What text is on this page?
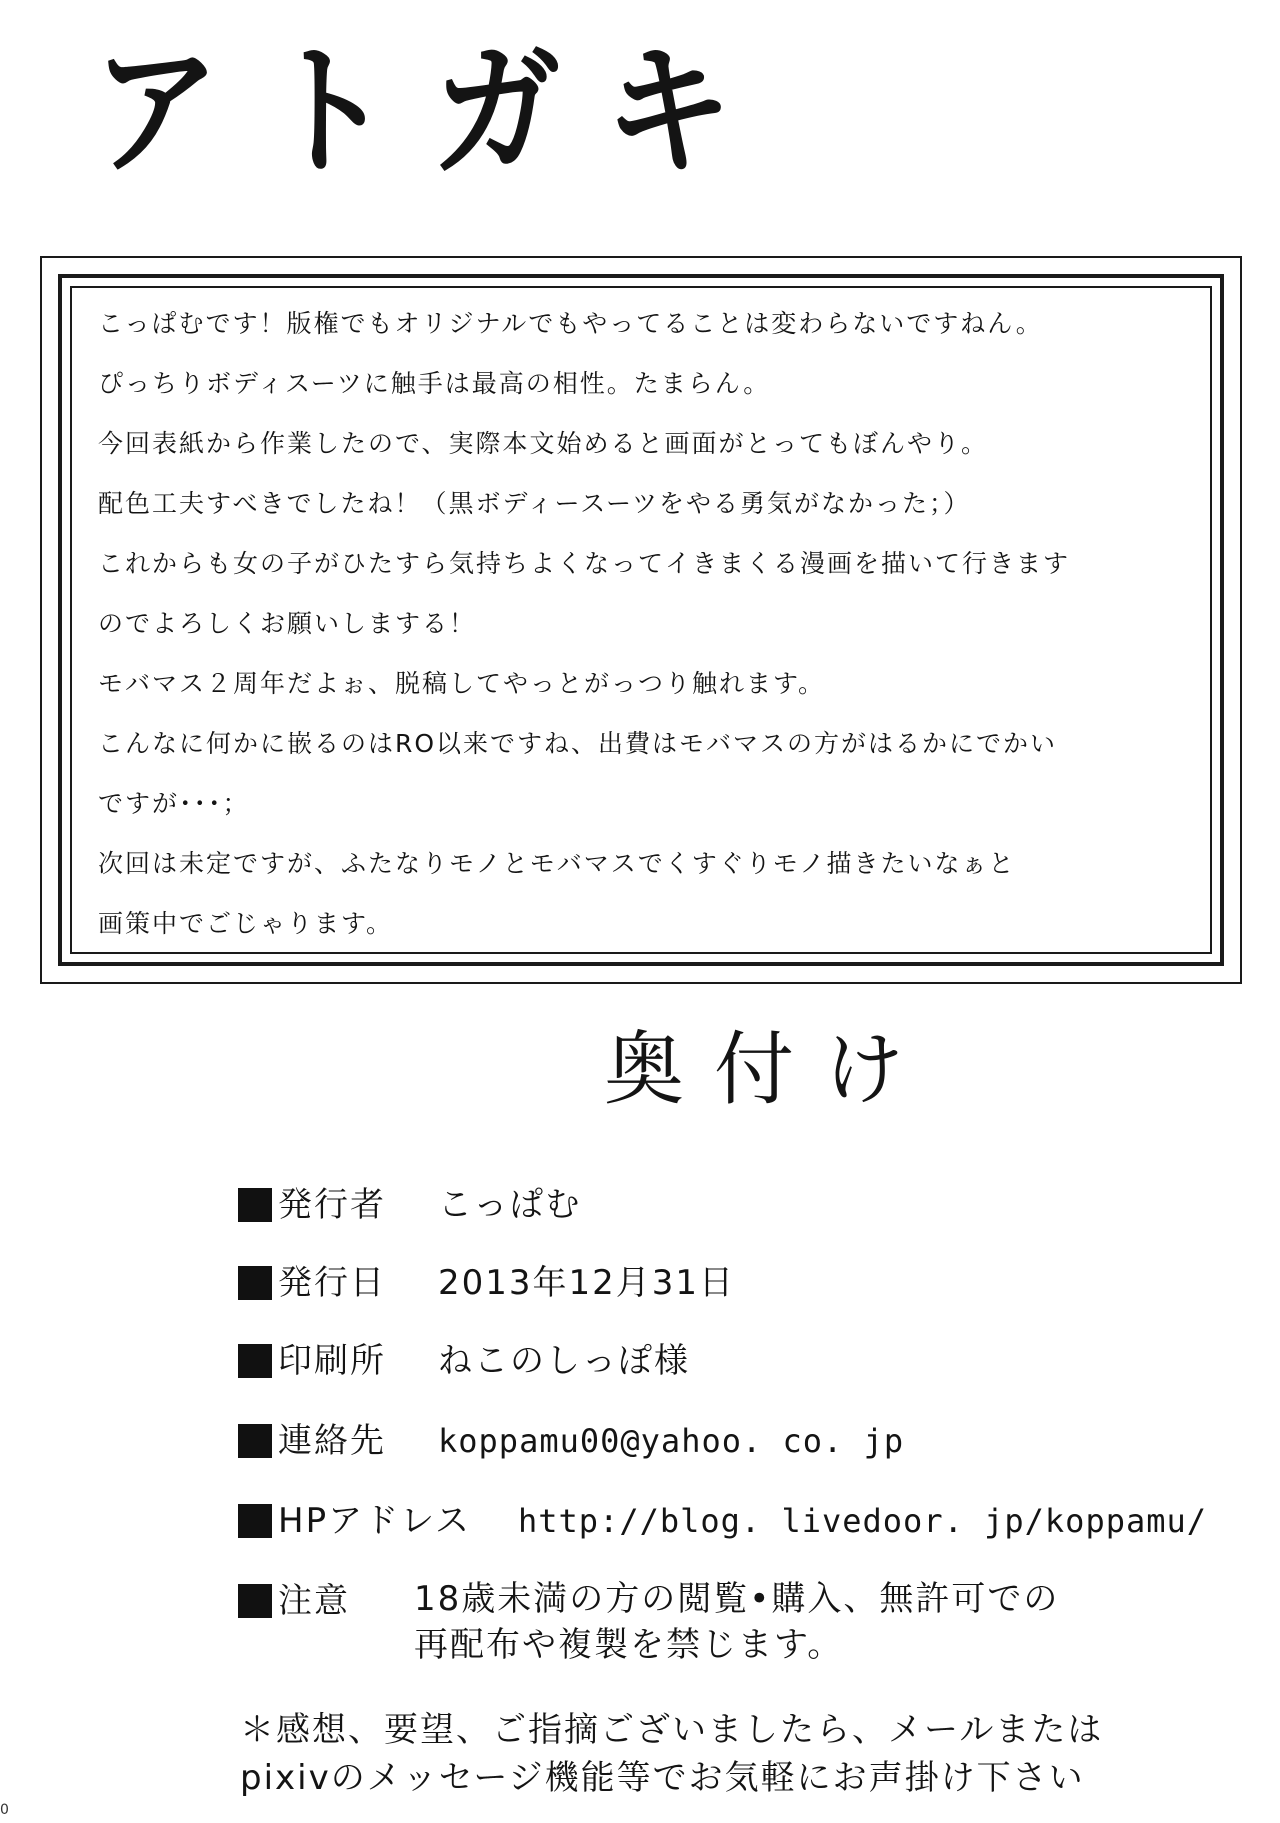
アトガキ
こっぱむです！版権でもオリジナルでもやってることは変わらないですねん。
ぴっちりボディスーツに触手は最高の相性。たまらん。
今回表紙から作業したので、実際本文始めると画面がとってもぼんやり。
配色工夫すべきでしたね！（黒ボディースーツをやる勇気がなかった；）
これからも女の子がひたすら気持ちよくなってイきまくる漫画を描いて行きます
のでよろしくお願いしまする！
モバマス２周年だよぉ、脱稿してやっとがっつり触れます。
こんなに何かに嵌るのはRO以来ですね、出費はモバマスの方がはるかにでかい
ですが･･･；
次回は未定ですが、ふたなりモノとモバマスでくすぐりモノ描きたいなぁと
画策中でごじゃります。
奥付け
発行者 こっぱむ
発行日 2013年12月31日
印刷所 ねこのしっぽ様
連絡先 koppamu00@yahoo. co. jp
HPアドレス http://blog. livedoor. jp/koppamu/
注意 18歳未満の方の閲覧•購入、無許可での
再配布や複製を禁じます。
＊感想、要望、ご指摘ございましたら、メールまたは
pixivのメッセージ機能等でお気軽にお声掛け下さい
0
